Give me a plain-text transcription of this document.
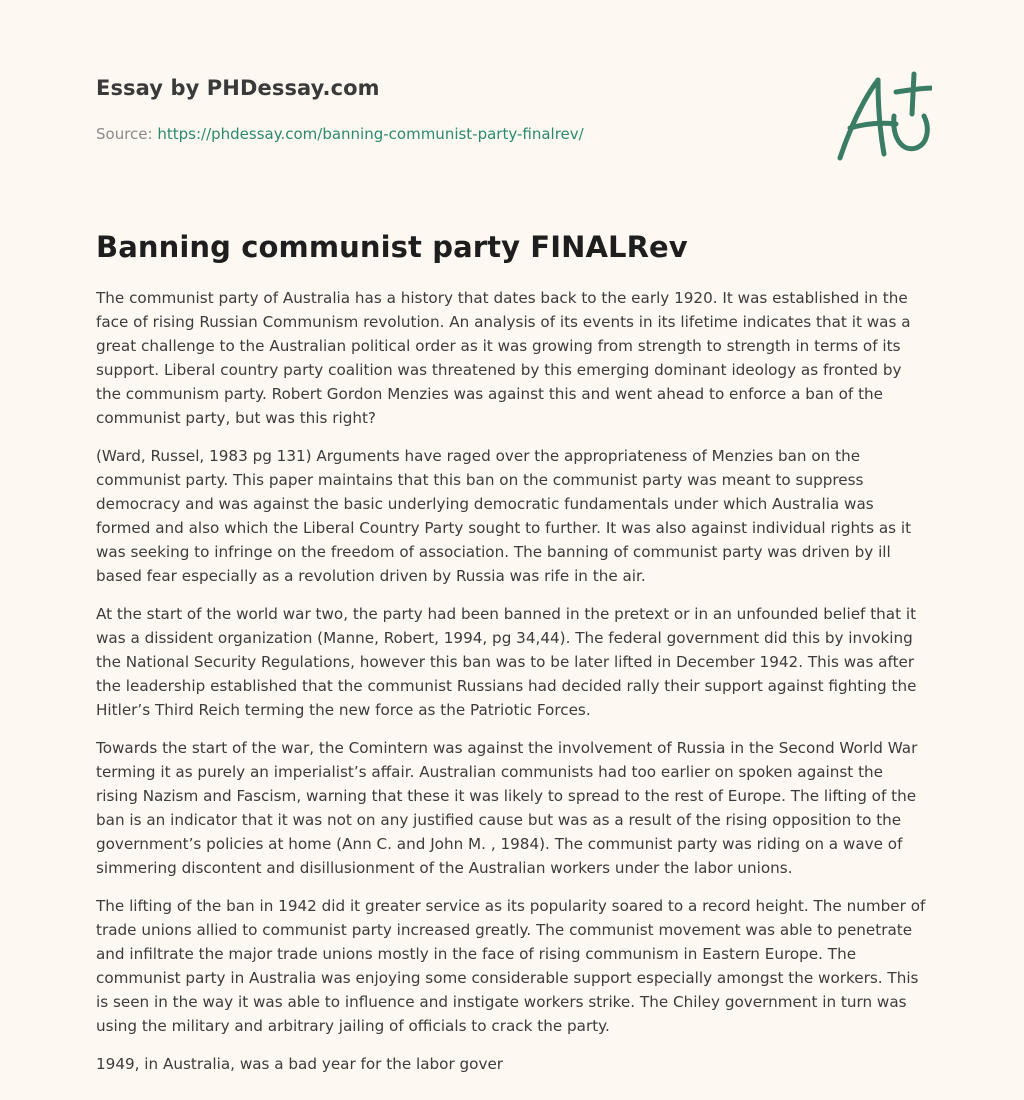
Essay by PHDessay.com
Source: https://phdessay.com/banning-communist-party-finalrev/
Banning communist party FINALRev

The communist party of Australia has a history that dates back to the early 1920. It was established in the face of rising Russian Communism revolution. An analysis of its events in its lifetime indicates that it was a great challenge to the Australian political order as it was growing from strength to strength in terms of its support. Liberal country party coalition was threatened by this emerging dominant ideology as fronted by the communism party. Robert Gordon Menzies was against this and went ahead to enforce a ban of the communist party, but was this right?

(Ward, Russel, 1983 pg 131) Arguments have raged over the appropriateness of Menzies ban on the communist party. This paper maintains that this ban on the communist party was meant to suppress democracy and was against the basic underlying democratic fundamentals under which Australia was formed and also which the Liberal Country Party sought to further. It was also against individual rights as it was seeking to infringe on the freedom of association. The banning of communist party was driven by ill based fear especially as a revolution driven by Russia was rife in the air.

At the start of the world war two, the party had been banned in the pretext or in an unfounded belief that it was a dissident organization (Manne, Robert, 1994, pg 34,44). The federal government did this by invoking the National Security Regulations, however this ban was to be later lifted in December 1942. This was after the leadership established that the communist Russians had decided rally their support against fighting the Hitler’s Third Reich terming the new force as the Patriotic Forces.

Towards the start of the war, the Comintern was against the involvement of Russia in the Second World War terming it as purely an imperialist’s affair. Australian communists had too earlier on spoken against the rising Nazism and Fascism, warning that these it was likely to spread to the rest of Europe. The lifting of the ban is an indicator that it was not on any justified cause but was as a result of the rising opposition to the government’s policies at home (Ann C. and John M. , 1984). The communist party was riding on a wave of simmering discontent and disillusionment of the Australian workers under the labor unions.

The lifting of the ban in 1942 did it greater service as its popularity soared to a record height. The number of trade unions allied to communist party increased greatly. The communist movement was able to penetrate and infiltrate the major trade unions mostly in the face of rising communism in Eastern Europe. The communist party in Australia was enjoying some considerable support especially amongst the workers. This is seen in the way it was able to influence and instigate workers strike. The Chiley government in turn was using the military and arbitrary jailing of officials to crack the party.

1949, in Australia, was a bad year for the labor gover
